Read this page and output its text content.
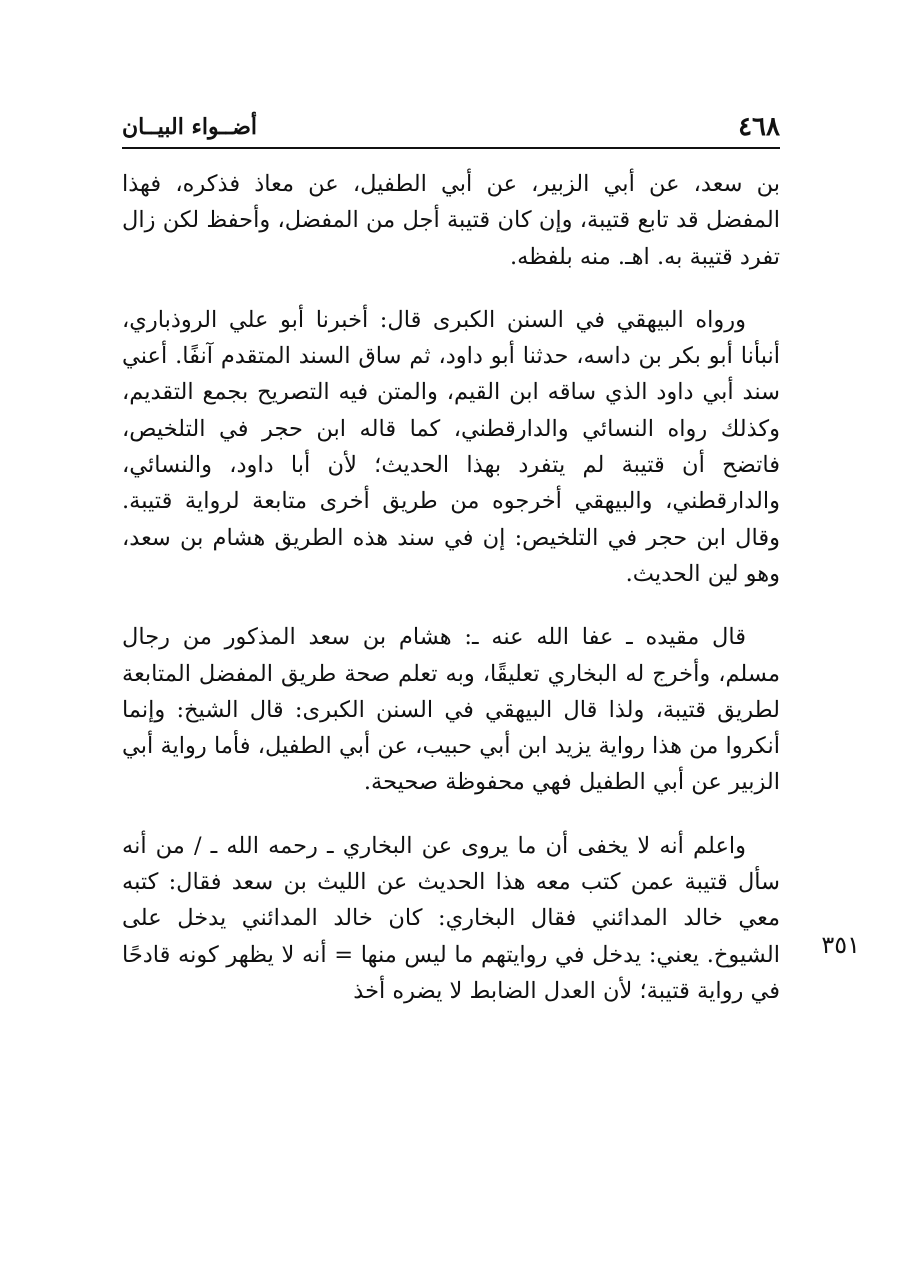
٤٦٨
أضــواء البيــان

بن سعد، عن أبي الزبير، عن أبي الطفيل، عن معاذ فذكره، فهذا المفضل قد تابع قتيبة، وإن كان قتيبة أجل من المفضل، وأحفظ لكن زال تفرد قتيبة به. اهـ. منه بلفظه.

ورواه البيهقي في السنن الكبرى قال: أخبرنا أبو علي الروذباري، أنبأنا أبو بكر بن داسه، حدثنا أبو داود، ثم ساق السند المتقدم آنفًا. أعني سند أبي داود الذي ساقه ابن القيم، والمتن فيه التصريح بجمع التقديم، وكذلك رواه النسائي والدارقطني، كما قاله ابن حجر في التلخيص، فاتضح أن قتيبة لم يتفرد بهذا الحديث؛ لأن أبا داود، والنسائي، والدارقطني، والبيهقي أخرجوه من طريق أخرى متابعة لرواية قتيبة. وقال ابن حجر في التلخيص: إن في سند هذه الطريق هشام بن سعد، وهو لين الحديث.

قال مقيده ـ عفا الله عنه ـ: هشام بن سعد المذكور من رجال مسلم، وأخرج له البخاري تعليقًا، وبه تعلم صحة طريق المفضل المتابعة لطريق قتيبة، ولذا قال البيهقي في السنن الكبرى: قال الشيخ: وإنما أنكروا من هذا رواية يزيد ابن أبي حبيب، عن أبي الطفيل، فأما رواية أبي الزبير عن أبي الطفيل فهي محفوظة صحيحة.

واعلم أنه لا يخفى أن ما يروى عن البخاري ـ رحمه الله ـ / من أنه سأل قتيبة عمن كتب معه هذا الحديث عن الليث بن سعد فقال: كتبه معي خالد المدائني فقال البخاري: كان خالد المدائني يدخل على الشيوخ. يعني: يدخل في روايتهم ما ليس منها = أنه لا يظهر كونه قادحًا في رواية قتيبة؛ لأن العدل الضابط لا يضره أخذ

٣٥١
